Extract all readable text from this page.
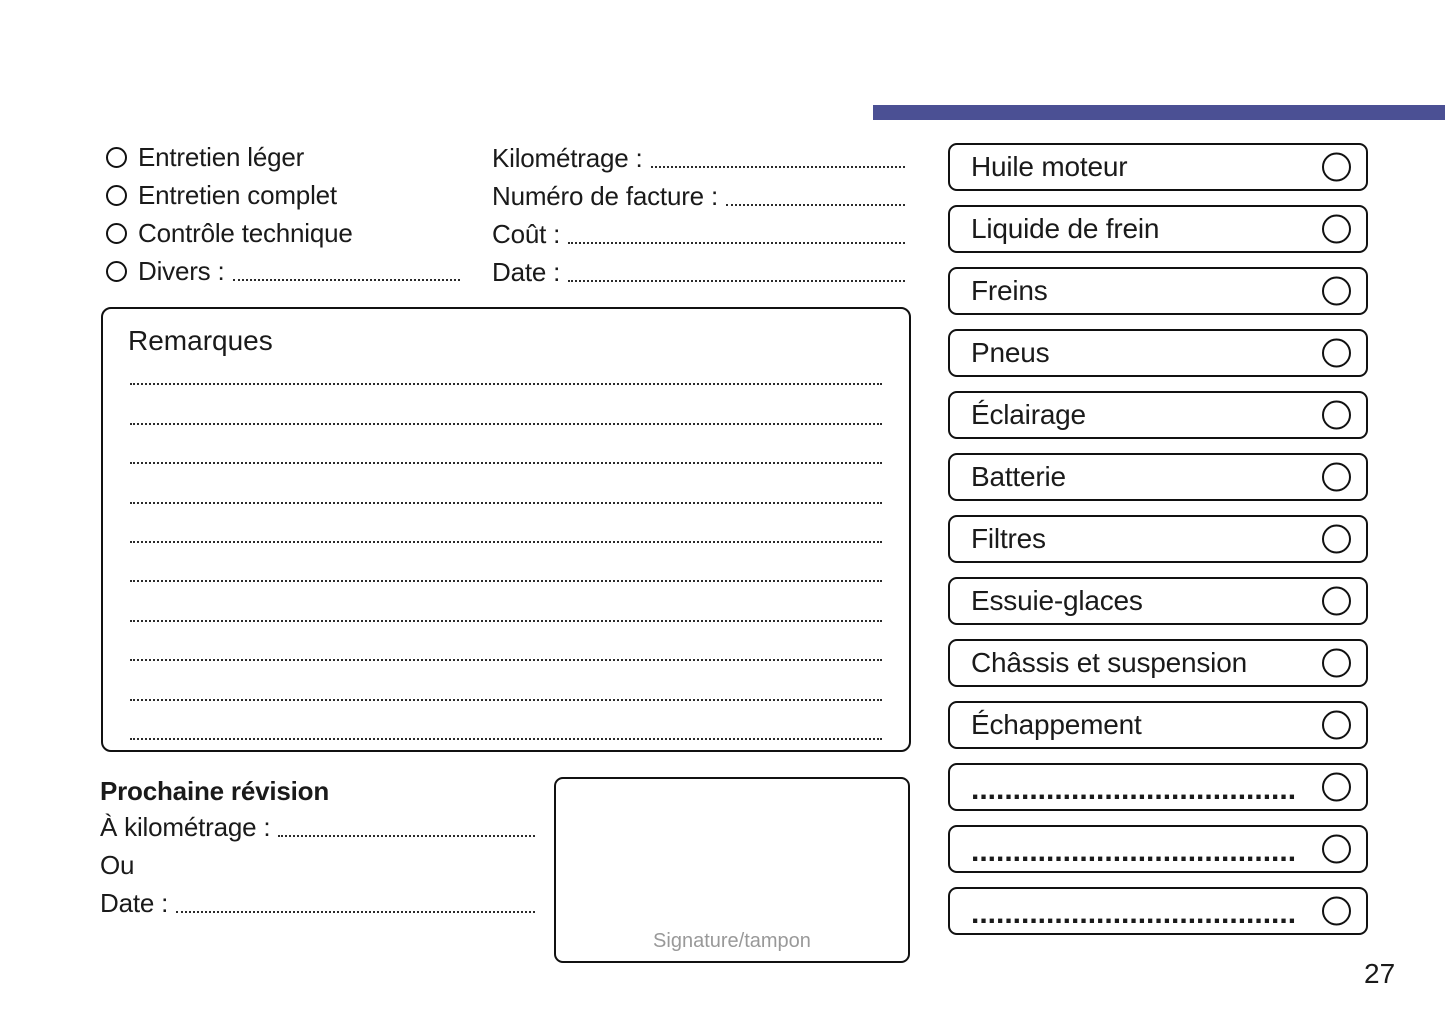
Entretien léger
Entretien complet
Contrôle technique
Divers :
Kilométrage :
Numéro de facture :
Coût :
Date :
Remarques
Prochaine révision
À kilométrage :
Ou
Date :
Signature/tampon
Huile moteur
Liquide de frein
Freins
Pneus
Éclairage
Batterie
Filtres
Essuie-glaces
Châssis et suspension
Échappement
.......................................
.......................................
.......................................
27
